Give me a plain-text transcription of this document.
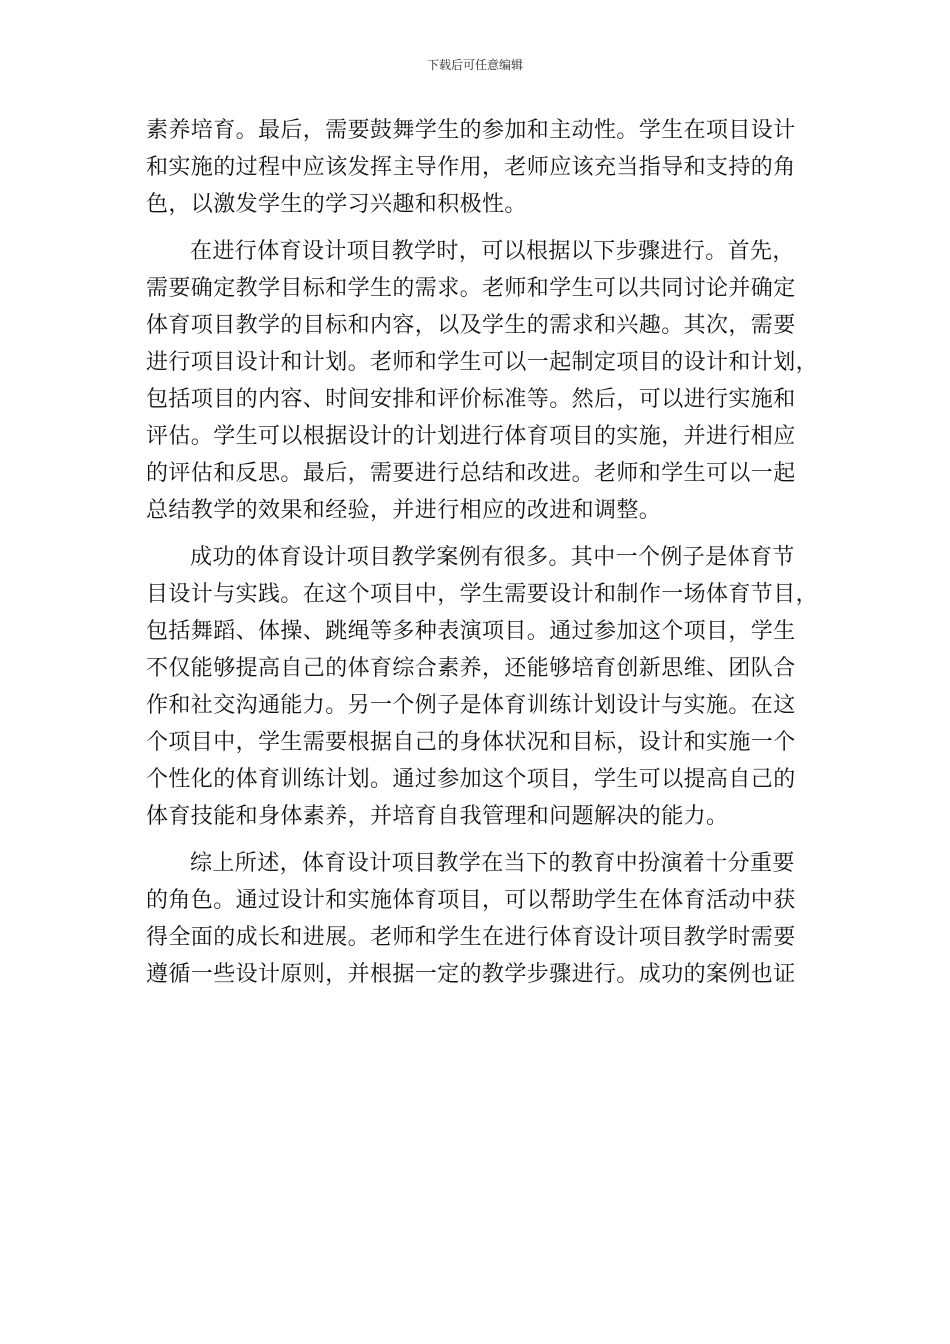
下载后可任意编辑
素养培育。最后，需要鼓舞学生的参加和主动性。学生在项目设计
和实施的过程中应该发挥主导作用，老师应该充当指导和支持的角
色，以激发学生的学习兴趣和积极性。
在进行体育设计项目教学时，可以根据以下步骤进行。首先，
需要确定教学目标和学生的需求。老师和学生可以共同讨论并确定
体育项目教学的目标和内容，以及学生的需求和兴趣。其次，需要
进行项目设计和计划。老师和学生可以一起制定项目的设计和计划，
包括项目的内容、时间安排和评价标准等。然后，可以进行实施和
评估。学生可以根据设计的计划进行体育项目的实施，并进行相应
的评估和反思。最后，需要进行总结和改进。老师和学生可以一起
总结教学的效果和经验，并进行相应的改进和调整。
成功的体育设计项目教学案例有很多。其中一个例子是体育节
目设计与实践。在这个项目中，学生需要设计和制作一场体育节目，
包括舞蹈、体操、跳绳等多种表演项目。通过参加这个项目，学生
不仅能够提高自己的体育综合素养，还能够培育创新思维、团队合
作和社交沟通能力。另一个例子是体育训练计划设计与实施。在这
个项目中，学生需要根据自己的身体状况和目标，设计和实施一个
个性化的体育训练计划。通过参加这个项目，学生可以提高自己的
体育技能和身体素养，并培育自我管理和问题解决的能力。
综上所述，体育设计项目教学在当下的教育中扮演着十分重要
的角色。通过设计和实施体育项目，可以帮助学生在体育活动中获
得全面的成长和进展。老师和学生在进行体育设计项目教学时需要
遵循一些设计原则，并根据一定的教学步骤进行。成功的案例也证
